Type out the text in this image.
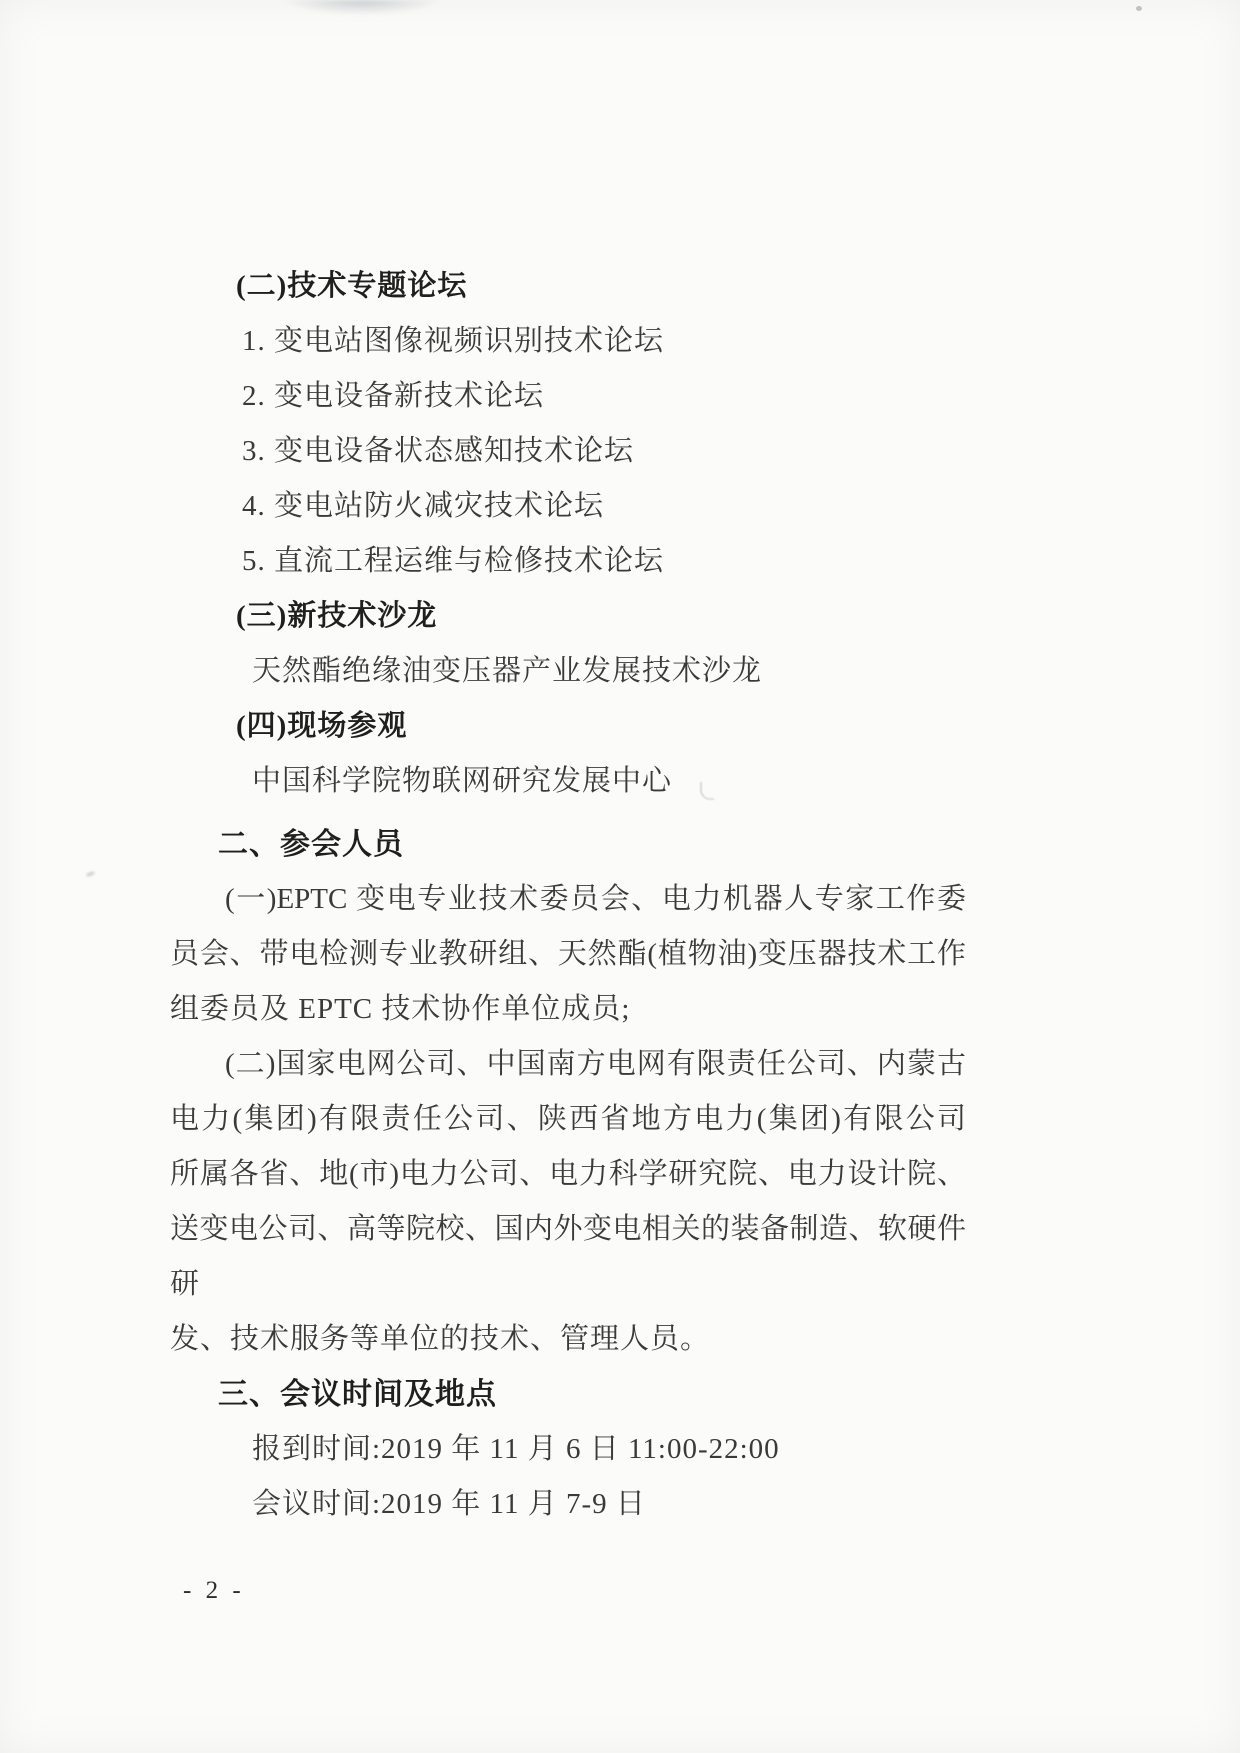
(二)技术专题论坛
1. 变电站图像视频识别技术论坛
2. 变电设备新技术论坛
3. 变电设备状态感知技术论坛
4. 变电站防火减灾技术论坛
5. 直流工程运维与检修技术论坛
(三)新技术沙龙
天然酯绝缘油变压器产业发展技术沙龙
(四)现场参观
中国科学院物联网研究发展中心
二、参会人员
(一)EPTC 变电专业技术委员会、电力机器人专家工作委
员会、带电检测专业教研组、天然酯(植物油)变压器技术工作
组委员及 EPTC 技术协作单位成员;
(二)国家电网公司、中国南方电网有限责任公司、内蒙古
电力(集团)有限责任公司、陕西省地方电力(集团)有限公司
所属各省、地(市)电力公司、电力科学研究院、电力设计院、
送变电公司、高等院校、国内外变电相关的装备制造、软硬件研
发、技术服务等单位的技术、管理人员。
三、会议时间及地点
报到时间:2019 年 11 月 6 日 11:00-22:00
会议时间:2019 年 11 月 7-9 日
- 2 -
